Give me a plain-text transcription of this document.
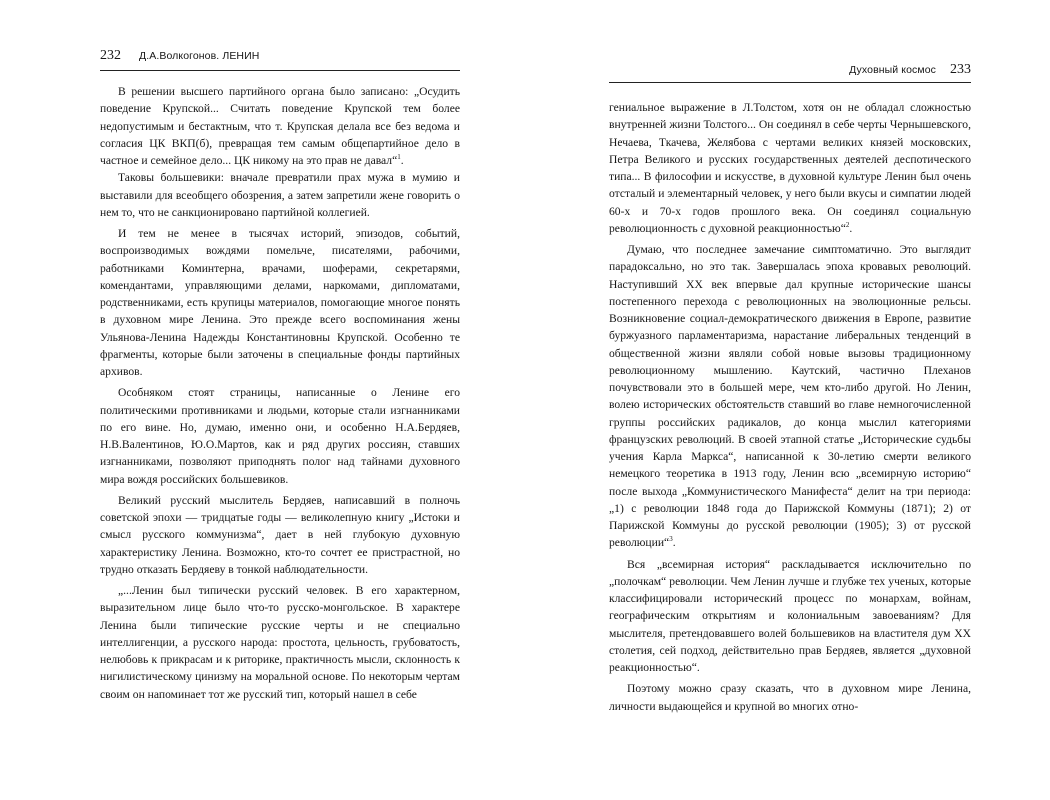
232 Д.А.Волкогонов. ЛЕНИН

В решении высшего партийного органа было записано: „Осудить поведение Крупской... Считать поведение Крупской тем более недопустимым и бестактным, что т. Крупская делала все без ведома и согласия ЦК ВКП(б), превращая тем самым общепартийное дело в частное и семейное дело... ЦК никому на это прав не давал“$^1$.

Таковы большевики: вначале превратили прах мужа в мумию и выставили для всеобщего обозрения, а затем запретили жене говорить о нем то, что не санкционировано партийной коллегией.

И тем не менее в тысячах историй, эпизодов, событий, воспроизводимых вождями помельче, писателями, рабочими, работниками Коминтерна, врачами, шоферами, секретарями, комендантами, управляющими делами, наркомами, дипломатами, родственниками, есть крупицы материалов, помогающие многое понять в духовном мире Ленина. Это прежде всего воспоминания жены Ульянова-Ленина Надежды Константиновны Крупской. Особенно те фрагменты, которые были заточены в специальные фонды партийных архивов.

Особняком стоят страницы, написанные о Ленине его политическими противниками и людьми, которые стали изгнанниками по его вине. Но, думаю, именно они, и особенно Н.А.Бердяев, Н.В.Валентинов, Ю.О.Мартов, как и ряд других россиян, ставших изгнанниками, позволяют приподнять полог над тайнами духовного мира вождя российских большевиков.

Великий русский мыслитель Бердяев, написавший в полночь советской эпохи — тридцатые годы — великолепную книгу „Истоки и смысл русского коммунизма“, дает в ней глубокую духовную характеристику Ленина. Возможно, кто-то сочтет ее пристрастной, но трудно отказать Бердяеву в тонкой наблюдательности.

„...Ленин был типически русский человек. В его характерном, выразительном лице было что-то русско-монгольское. В характере Ленина были типические русские черты и не специально интеллигенции, а русского народа: простота, цельность, грубоватость, нелюбовь к прикрасам и к риторике, практичность мысли, склонность к нигилистическому цинизму на моральной основе. По некоторым чертам своим он напоминает тот же русский тип, который нашел в себе

Духовный космос 233

гениальное выражение в Л.Толстом, хотя он не обладал сложностью внутренней жизни Толстого... Он соединял в себе черты Чернышевского, Нечаева, Ткачева, Желябова с чертами великих князей московских, Петра Великого и русских государственных деятелей деспотического типа... В философии и искусстве, в духовной культуре Ленин был очень отсталый и элементарный человек, у него были вкусы и симпатии людей 60-х и 70-х годов прошлого века. Он соединял социальную революционность с духовной реакционностью“$^2$.

Думаю, что последнее замечание симптоматично. Это выглядит парадоксально, но это так. Завершалась эпоха кровавых революций. Наступивший XX век впервые дал крупные исторические шансы постепенного перехода с революционных на эволюционные рельсы. Возникновение социал-демократического движения в Европе, развитие буржуазного парламентаризма, нарастание либеральных тенденций в общественной жизни являли собой новые вызовы традиционному революционному мышлению. Каутский, частично Плеханов почувствовали это в большей мере, чем кто-либо другой. Но Ленин, волею исторических обстоятельств ставший во главе немногочисленной группы российских радикалов, до конца мыслил категориями французских революций. В своей этапной статье „Исторические судьбы учения Карла Маркса“, написанной к 30-летию смерти великого немецкого теоретика в 1913 году, Ленин всю „всемирную историю“ после выхода „Коммунистического Манифеста“ делит на три периода: „1) с революции 1848 года до Парижской Коммуны (1871); 2) от Парижской Коммуны до русской революции (1905); 3) от русской революции“$^3$.

Вся „всемирная история“ раскладывается исключительно по „полочкам“ революции. Чем Ленин лучше и глубже тех ученых, которые классифицировали исторический процесс по монархам, войнам, географическим открытиям и колониальным завоеваниям? Для мыслителя, претендовавшего волей большевиков на властителя дум XX столетия, сей подход, действительно прав Бердяев, является „духовной реакционностью“.

Поэтому можно сразу сказать, что в духовном мире Ленина, личности выдающейся и крупной во многих отно-
